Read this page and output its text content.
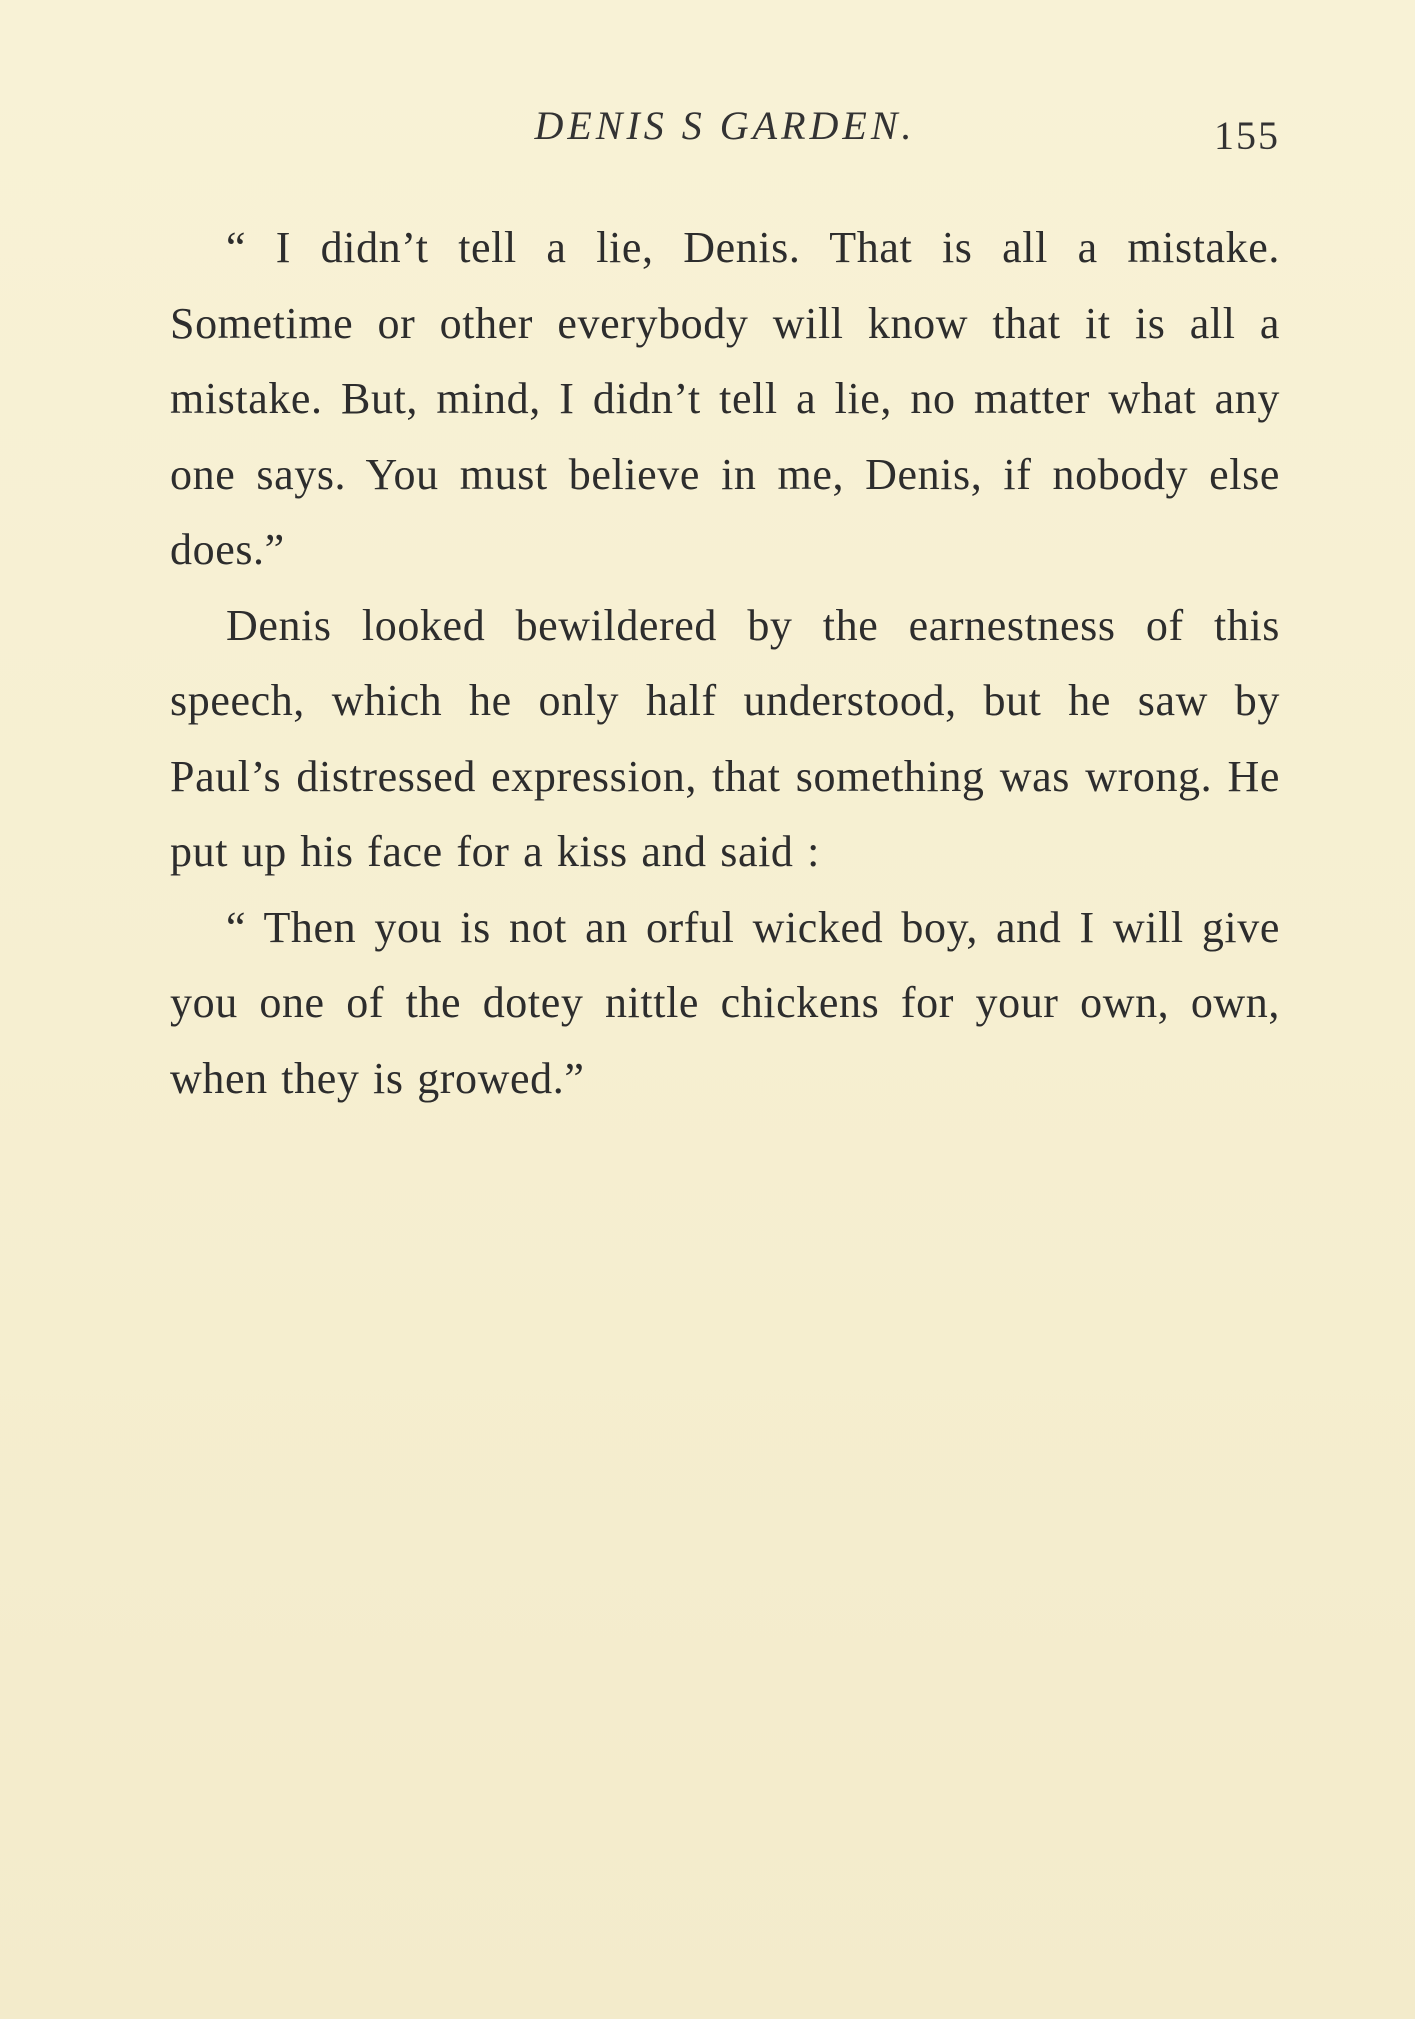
DENIS S GARDEN.	155

“ I didn’t tell a lie, Denis. That is all a mistake. Sometime or other everybody will know that it is all a mistake. But, mind, I didn’t tell a lie, no matter what any one says. You must believe in me, Denis, if nobody else does.”

Denis looked bewildered by the earnestness of this speech, which he only half understood, but he saw by Paul’s distressed expression, that something was wrong. He put up his face for a kiss and said :

“ Then you is not an orful wicked boy, and I will give you one of the dotey nittle chickens for your own, own, when they is growed.”
